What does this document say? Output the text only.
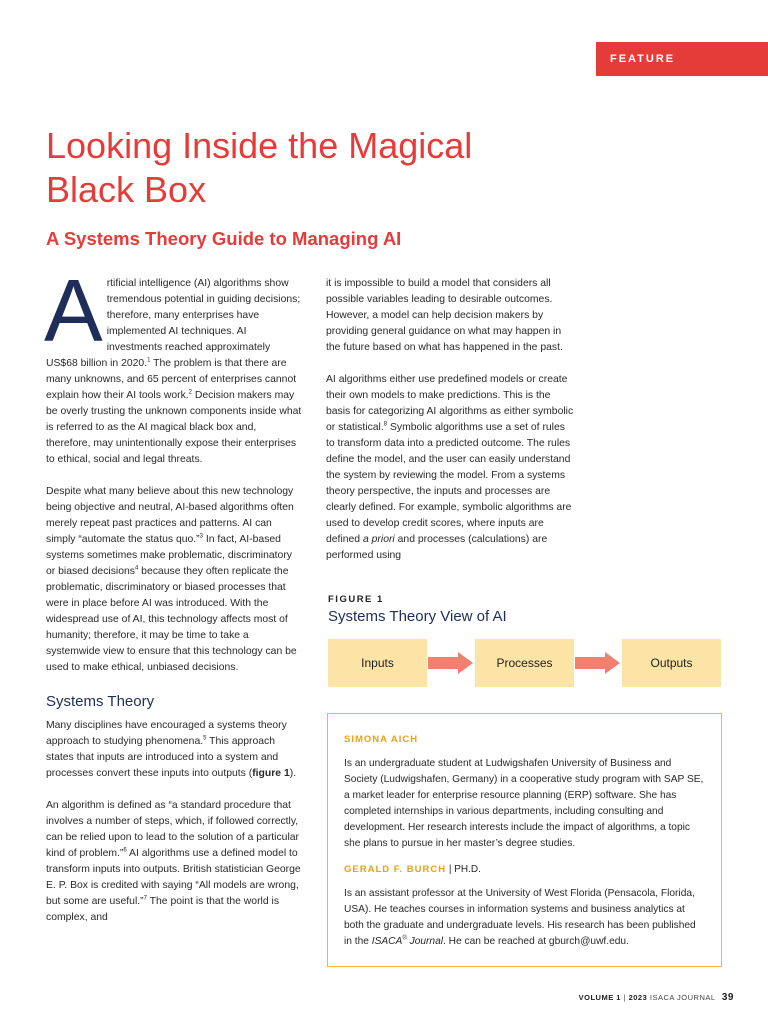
FEATURE
Looking Inside the Magical
Black Box
A Systems Theory Guide to Managing AI

Artificial intelligence (AI) algorithms show tremendous potential in guiding decisions; therefore, many enterprises have implemented AI techniques. AI investments reached approximately US$68 billion in 2020.$^1$ The problem is that there are many unknowns, and 65 percent of enterprises cannot explain how their AI tools work.$^2$ Decision makers may be overly trusting the unknown components inside what is referred to as the AI magical black box and, therefore, may unintentionally expose their enterprises to ethical, social and legal threats.

Despite what many believe about this new technology being objective and neutral, AI-based algorithms often merely repeat past practices and patterns. AI can simply “automate the status quo.”$^3$ In fact, AI-based systems sometimes make problematic, discriminatory or biased decisions$^4$ because they often replicate the problematic, discriminatory or biased processes that were in place before AI was introduced. With the widespread use of AI, this technology affects most of humanity; therefore, it may be time to take a systemwide view to ensure that this technology can be used to make ethical, unbiased decisions.

Systems Theory

Many disciplines have encouraged a systems theory approach to studying phenomena.$^5$ This approach states that inputs are introduced into a system and processes convert these inputs into outputs (figure 1).

An algorithm is defined as “a standard procedure that involves a number of steps, which, if followed correctly, can be relied upon to lead to the solution of a particular kind of problem.”$^6$ AI algorithms use a defined model to transform inputs into outputs. British statistician George E. P. Box is credited with saying “All models are wrong, but some are useful.”$^7$ The point is that the world is complex, and

it is impossible to build a model that considers all possible variables leading to desirable outcomes. However, a model can help decision makers by providing general guidance on what may happen in the future based on what has happened in the past.

AI algorithms either use predefined models or create their own models to make predictions. This is the basis for categorizing AI algorithms as either symbolic or statistical.$^8$ Symbolic algorithms use a set of rules to transform data into a predicted outcome. The rules define the model, and the user can easily understand the system by reviewing the model. From a systems theory perspective, the inputs and processes are clearly defined. For example, symbolic algorithms are used to develop credit scores, where inputs are defined a priori and processes (calculations) are performed using

FIGURE 1
Systems Theory View of AI
Inputs	Processes	Outputs
SIMONA AICH

Is an undergraduate student at Ludwigshafen University of Business and Society (Ludwigshafen, Germany) in a cooperative study program with SAP SE, a market leader for enterprise resource planning (ERP) software. She has completed internships in various departments, including consulting and development. Her research interests include the impact of algorithms, a topic she plans to pursue in her master’s degree studies.

GERALD F. BURCH | PH.D.

Is an assistant professor at the University of West Florida (Pensacola, Florida, USA). He teaches courses in information systems and business analytics at both the graduate and undergraduate levels. His research has been published in the ISACA® Journal. He can be reached at gburch@uwf.edu.

VOLUME 1 | 2023 ISACA JOURNAL 39
